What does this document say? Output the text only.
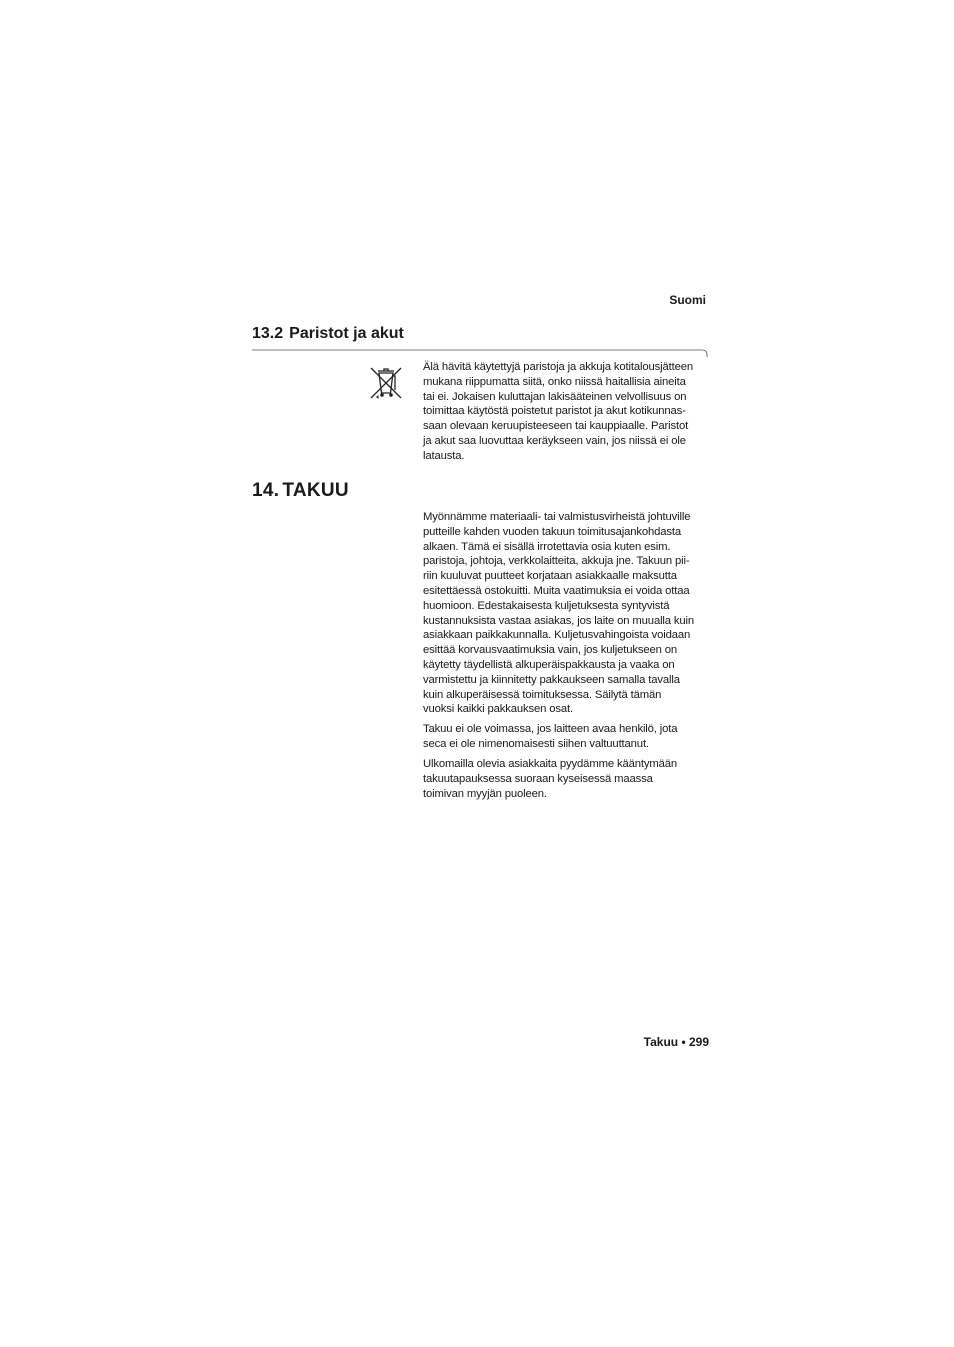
Suomi
13.2 Paristot ja akut

Älä hävitä käytettyjä paristoja ja akkuja kotitalousjätteen
mukana riippumatta siitä, onko niissä haitallisia aineita
tai ei. Jokaisen kuluttajan lakisääteinen velvollisuus on
toimittaa käytöstä poistetut paristot ja akut kotikunnas-
saan olevaan keruupisteeseen tai kauppiaalle. Paristot
ja akut saa luovuttaa keräykseen vain, jos niissä ei ole
latausta.

14. TAKUU

Myönnämme materiaali- tai valmistusvirheistä johtuville
putteille kahden vuoden takuun toimitusajankohdasta
alkaen. Tämä ei sisällä irrotettavia osia kuten esim.
paristoja, johtoja, verkkolaitteita, akkuja jne. Takuun pii-
riin kuuluvat puutteet korjataan asiakkaalle maksutta
esitettäessä ostokuitti. Muita vaatimuksia ei voida ottaa
huomioon. Edestakaisesta kuljetuksesta syntyvistä
kustannuksista vastaa asiakas, jos laite on muualla kuin
asiakkaan paikkakunnalla. Kuljetusvahingoista voidaan
esittää korvausvaatimuksia vain, jos kuljetukseen on
käytetty täydellistä alkuperäispakkausta ja vaaka on
varmistettu ja kiinnitetty pakkaukseen samalla tavalla
kuin alkuperäisessä toimituksessa. Säilytä tämän
vuoksi kaikki pakkauksen osat.

Takuu ei ole voimassa, jos laitteen avaa henkilö, jota
seca ei ole nimenomaisesti siihen valtuuttanut.

Ulkomailla olevia asiakkaita pyydämme kääntymään
takuutapauksessa suoraan kyseisessä maassa
toimivan myyjän puoleen.

Takuu • 299
